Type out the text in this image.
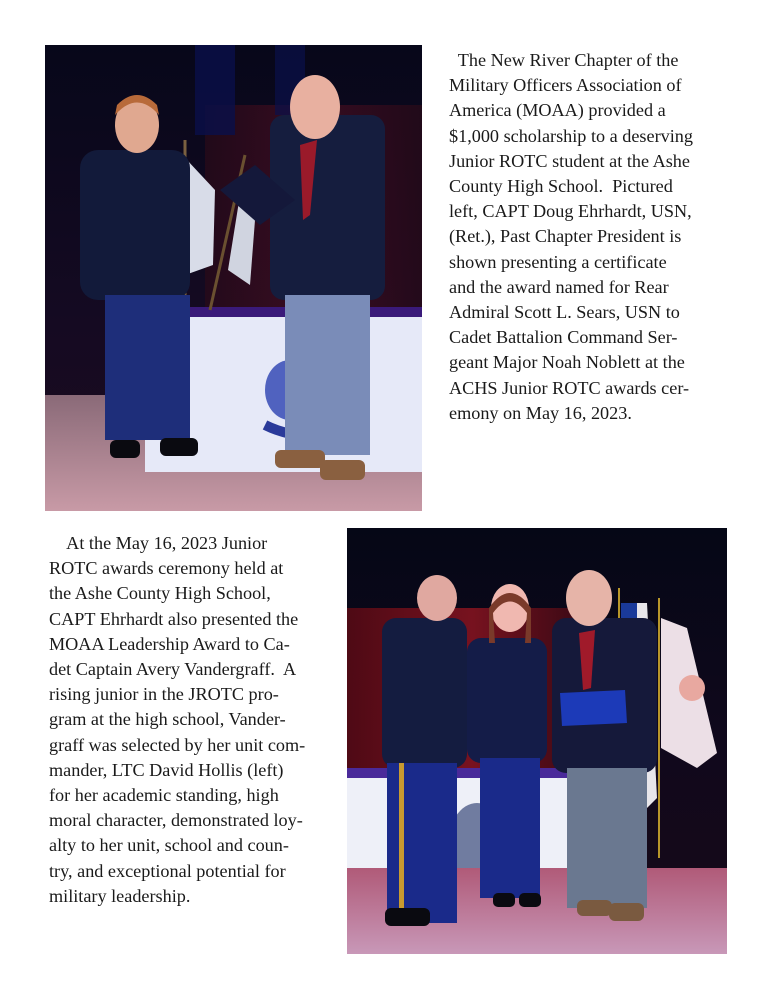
The New River Chapter of the
Military Officers Association of
America (MOAA) provided a
$1,000 scholarship to a deserving
Junior ROTC student at the Ashe
County High School.  Pictured
left, CAPT Doug Ehrhardt, USN,
(Ret.), Past Chapter President is
shown presenting a certificate
and the award named for Rear
Admiral Scott L. Sears, USN to
Cadet Battalion Command Ser-
geant Major Noah Noblett at the
ACHS Junior ROTC awards cer-
emony on May 16, 2023.

At the May 16, 2023 Junior
ROTC awards ceremony held at
the Ashe County High School,
CAPT Ehrhardt also presented the
MOAA Leadership Award to Ca-
det Captain Avery Vandergraff.  A
rising junior in the JROTC pro-
gram at the high school, Vander-
graff was selected by her unit com-
mander, LTC David Hollis (left)
for her academic standing, high
moral character, demonstrated loy-
alty to her unit, school and coun-
try, and exceptional potential for
military leadership.
